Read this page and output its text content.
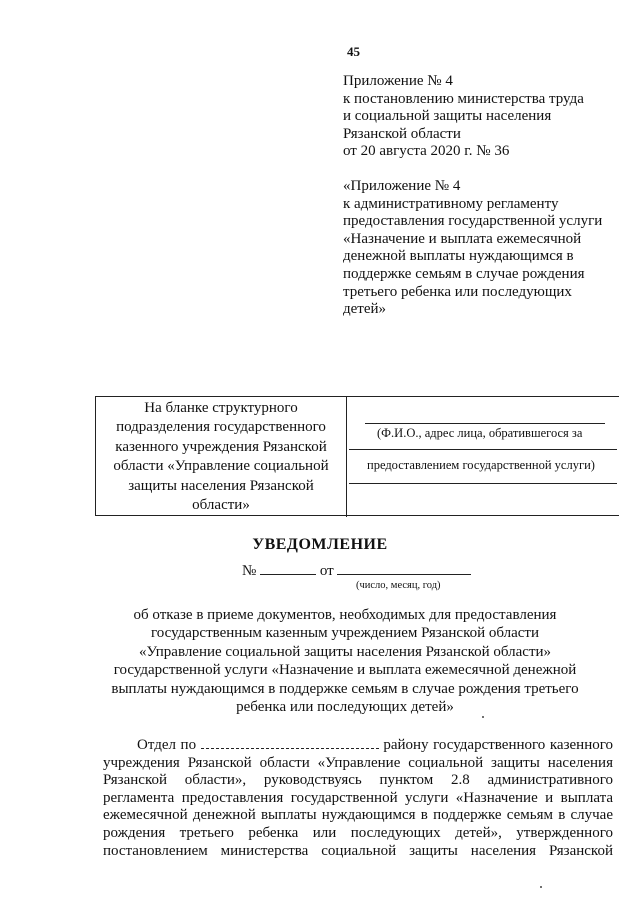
45
Приложение № 4
к постановлению министерства труда
и социальной защиты населения
Рязанской области
от 20 августа 2020 г. № 36
«Приложение № 4
к административному регламенту
предоставления государственной услуги
«Назначение и выплата ежемесячной
денежной выплаты нуждающимся в
поддержке семьям в случае рождения
третьего ребенка или последующих
детей»
На бланке структурного
подразделения государственного
казенного учреждения Рязанской
области «Управление социальной
защиты населения Рязанской
области»
(Ф.И.О., адрес лица, обратившегося за
предоставлением государственной услуги)
УВЕДОМЛЕНИЕ
№	от
(число, месяц, год)
об отказе в приеме документов, необходимых для предоставления
государственным казенным учреждением Рязанской области
«Управление социальной защиты населения Рязанской области»
государственной услуги «Назначение и выплата ежемесячной денежной
выплаты нуждающимся в поддержке семьям в случае рождения третьего
ребенка или последующих детей»
Отдел по	району государственного казенного
учреждения Рязанской области «Управление социальной защиты населения
Рязанской области», руководствуясь пунктом 2.8 административного
регламента предоставления государственной услуги «Назначение и выплата
ежемесячной денежной выплаты нуждающимся в поддержке семьям в случае
рождения третьего ребенка или последующих детей», утвержденного
постановлением министерства социальной защиты населения Рязанской
